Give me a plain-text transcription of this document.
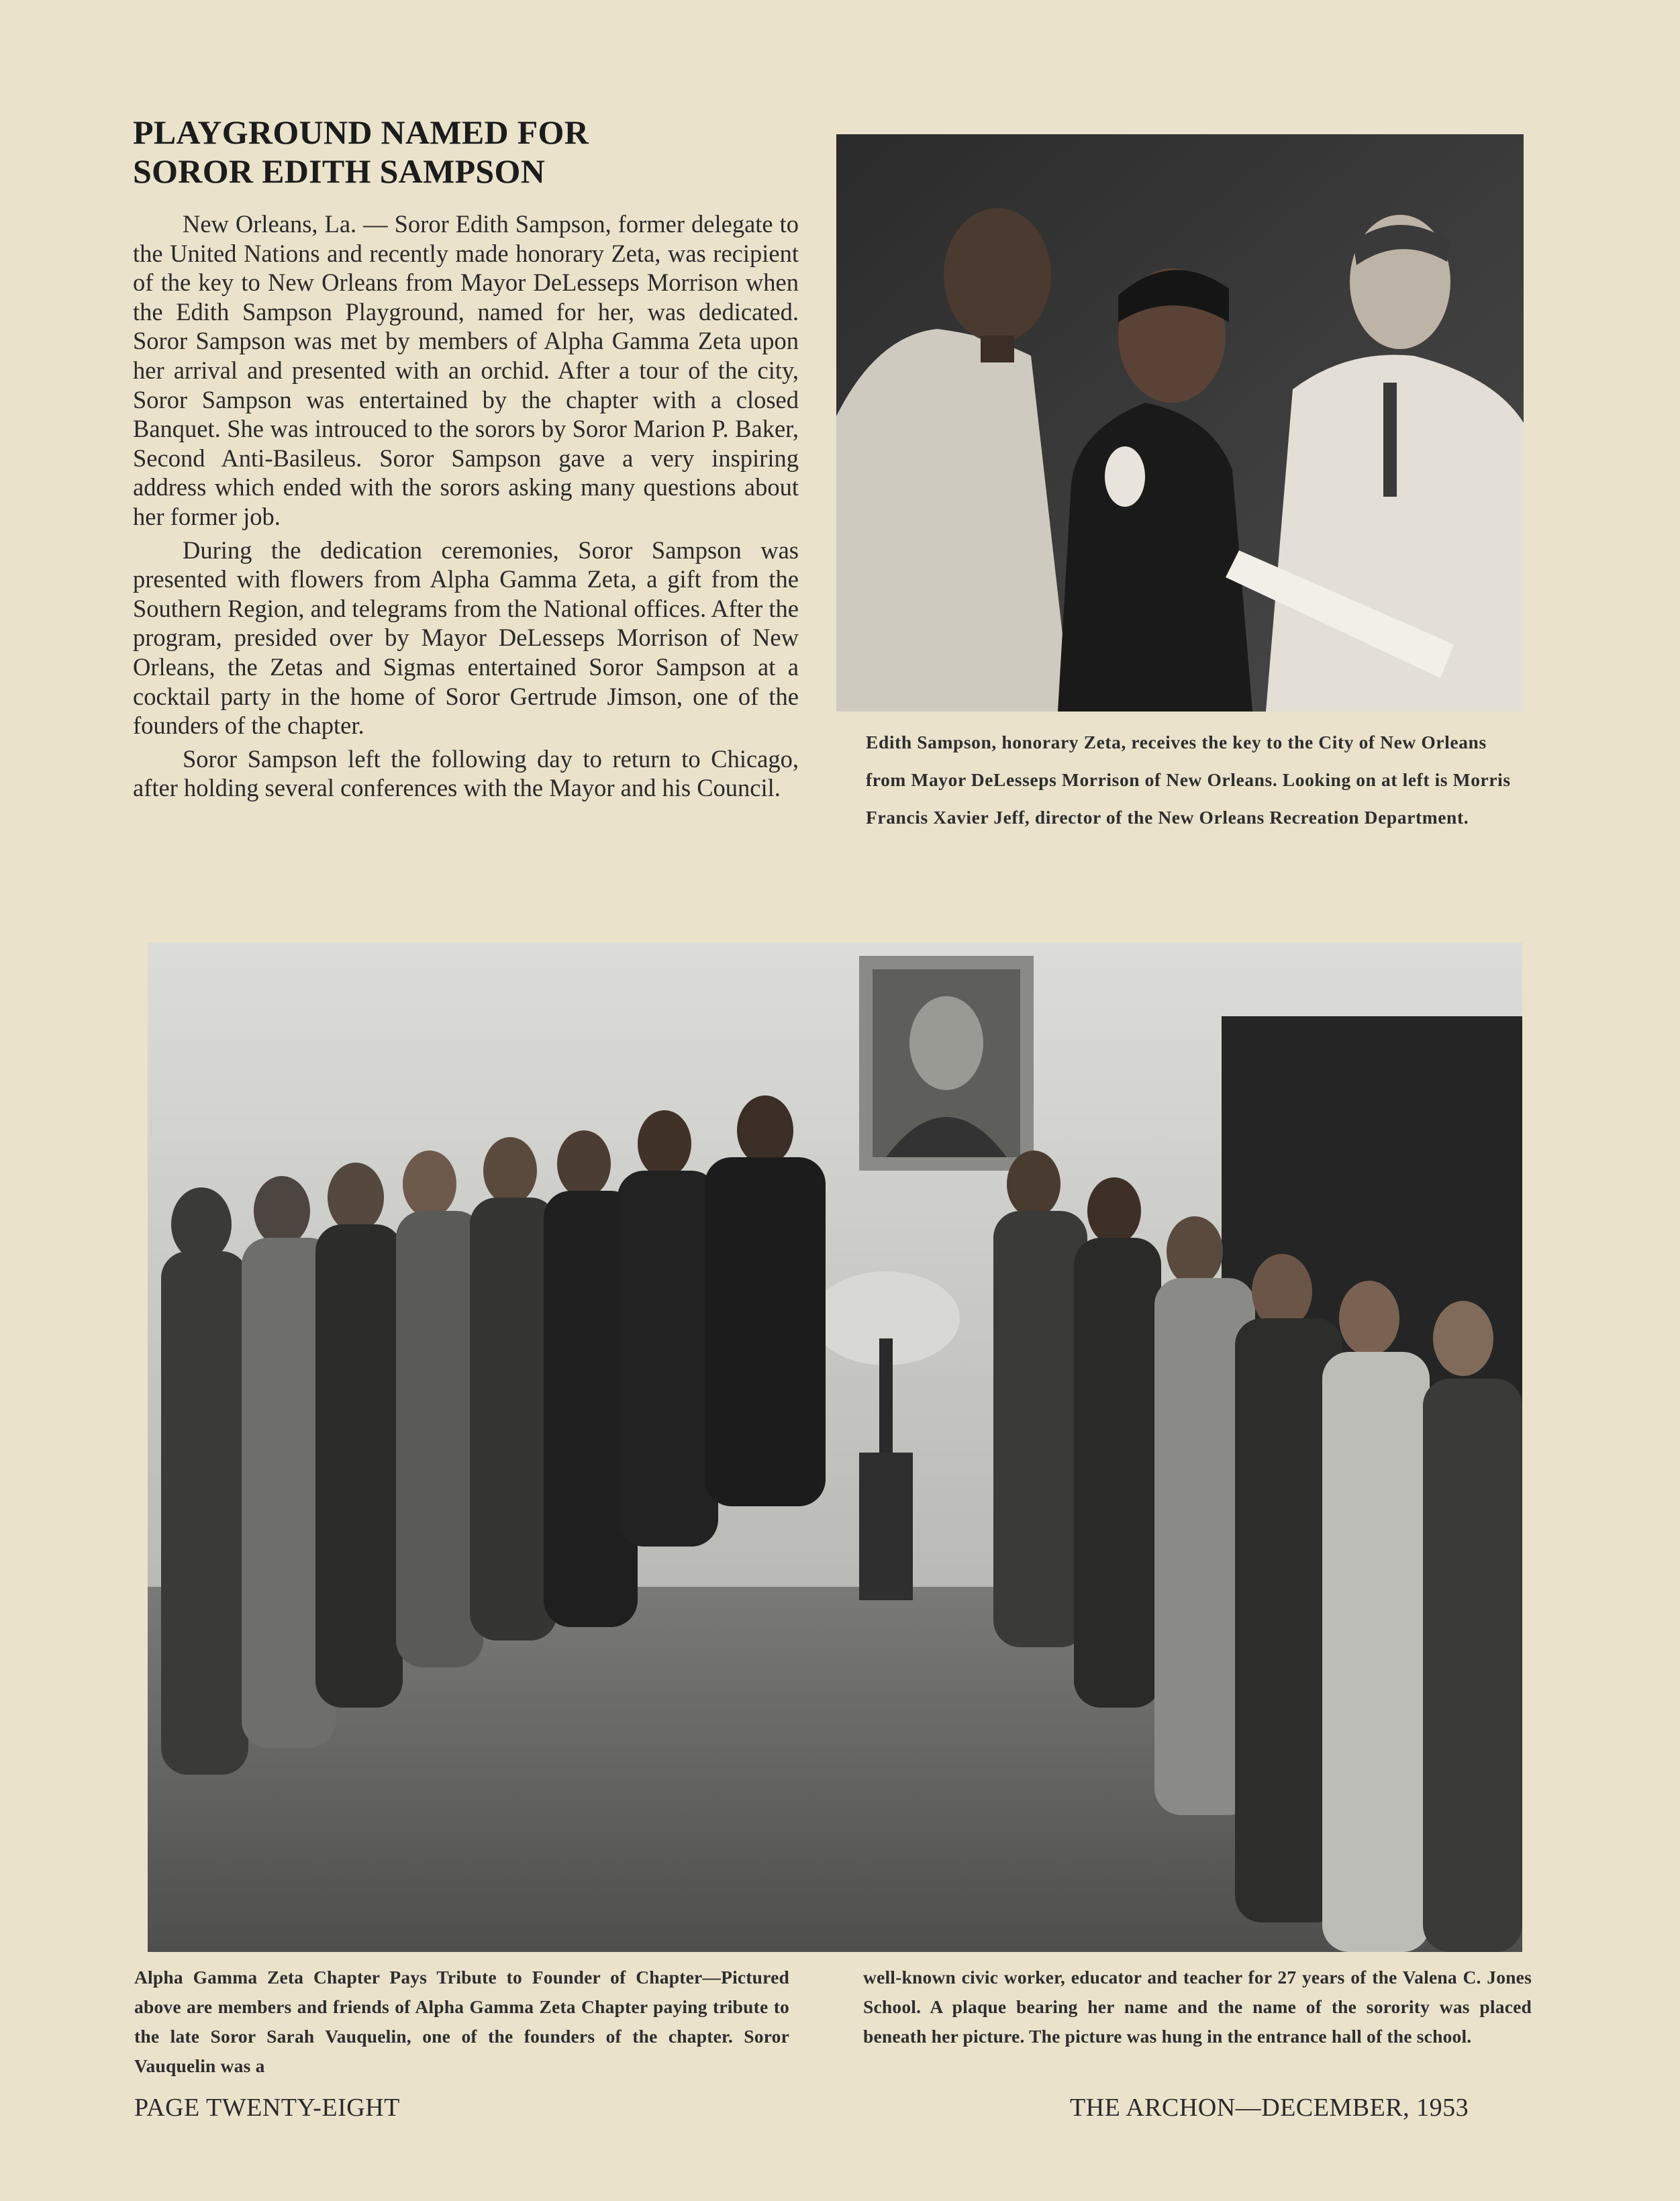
PLAYGROUND NAMED FOR
SOROR EDITH SAMPSON

New Orleans, La. — Soror Edith Sampson, former delegate to the United Nations and recently made honorary Zeta, was recipient of the key to New Orleans from Mayor DeLesseps Morrison when the Edith Sampson Playground, named for her, was dedicated. Soror Sampson was met by members of Alpha Gamma Zeta upon her arrival and presented with an orchid. After a tour of the city, Soror Sampson was entertained by the chapter with a closed Banquet. She was introuced to the sorors by Soror Marion P. Baker, Second Anti-Basileus. Soror Sampson gave a very inspiring address which ended with the sorors asking many questions about her former job.

During the dedication ceremonies, Soror Sampson was presented with flowers from Alpha Gamma Zeta, a gift from the Southern Region, and telegrams from the National offices. After the program, presided over by Mayor DeLesseps Morrison of New Orleans, the Zetas and Sigmas entertained Soror Sampson at a cocktail party in the home of Soror Gertrude Jimson, one of the founders of the chapter.

Soror Sampson left the following day to return to Chicago, after holding several conferences with the Mayor and his Council.

Edith Sampson, honorary Zeta, receives the key to the City of New Orleans from Mayor DeLesseps Morrison of New Orleans. Looking on at left is Morris Francis Xavier Jeff, director of the New Orleans Recreation Department.
Alpha Gamma Zeta Chapter Pays Tribute to Founder of Chapter—Pictured above are members and friends of Alpha Gamma Zeta Chapter paying tribute to the late Soror Sarah Vauquelin, one of the founders of the chapter. Soror Vauquelin was a
well-known civic worker, educator and teacher for 27 years of the Valena C. Jones School. A plaque bearing her name and the name of the sorority was placed beneath her picture. The picture was hung in the entrance hall of the school.
PAGE TWENTY-EIGHT	THE ARCHON—DECEMBER, 1953
